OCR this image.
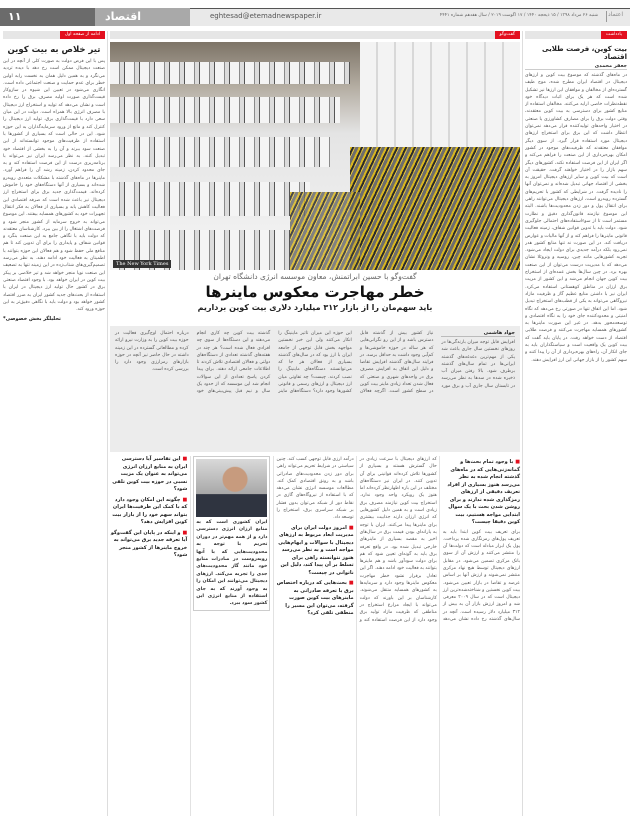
۱۱	اقتصاد	eghtesad@etemadnewspaper.ir	شنبه ۲۶ مرداد ۱۳۹۸ / ۱۵ ذیحجه ۱۴۴۰ / ۱۷ اگوست ۲۰۱۹ / سال هفدهم شماره ۴۴۴۱	اعتماد
ادامه از صفحه اول
تیر خلاص به بیت کوین
پس با این فرض دولت به صورت کلی از آنچه در این صنعت دیجیتال ممکن است رخ دهد با دیده تردید می‌نگرد و به همین دلیل همان به نخست رابه اولین خطر برای عدم حمایت و صنعت اجتماعی داده است. انگاری می‌شود در تعیین این شیوه در سازوکار قیمت‌گذاری صورت اولیه مصرف برق را رخ داده است و نشان می‌دهد که تولید و استخراج ارز دیجیتال با مصرف انرژی بالا همراه است. دولت در این میان سعی دارد با قیمت‌گذاری برق، تولید ارز دیجیتال را کنترل کند و مانع از ورود سرمایه‌گذاران به این حوزه شود. این در حالی است که بسیاری از کشورها با استفاده از ظرفیت‌های موجود توانسته‌اند از این صنعت سود ببرند و آن را به بخشی از اقتصاد خود تبدیل کنند. به نظر می‌رسد ایران نیز می‌تواند با برنامه‌ریزی درست از این فرصت استفاده کند و به جای محدود کردن، زمینه رشد آن را فراهم آورد. ماینرها در ماه‌های گذشته با مشکلات متعددی روبه‌رو شده‌اند و بسیاری از آنها دستگاه‌های خود را خاموش کرده‌اند. قیمت‌گذاری جدید برق برای استخراج ارز دیجیتال نیز باعث شده است که صرفه اقتصادی این فعالیت کاهش یابد و بسیاری از فعالان به فکر انتقال تجهیزات خود به کشورهای همسایه بیفتند. این موضوع می‌تواند به خروج سرمایه از کشور منجر شود و فرصت‌های اشتغال را از بین ببرد. کارشناسان معتقدند که دولت باید با نگاهی جامع به این صنعت بنگرد و قوانین شفاف و پایداری را برای آن تدوین کند تا هم منافع ملی حفظ شود و هم فعالان این حوزه بتوانند با اطمینان به فعالیت خود ادامه دهند. به نظر می‌رسد تصمیم‌گیری‌های شتاب‌زده در این زمینه تنها به تضعیف این صنعت نوپا منجر خواهد شد و تیر خلاصی بر پیکر بیت کوین در ایران خواهد بود. با وجود اقتصاد صنعتی برق در کشور حال تولید ارز دیجیتال در ایران با استفاده از بحث‌های جدید کشور ایران به ضرر اقتصاد کشور خواهد بود و دولت باید با نگاهی دقیق‌تر به این حوزه ورود کند.
تحلیلگر بخش خصوصی*
گفت‌وگو
The New York Times
گفت‌وگو با حسین ابراتمنش، معاون موسسه انرژی دانشگاه تهران
خطر مهاجرت معکوس ماینرها
باید سهم‌مان را از بازار ۳۱۲ میلیارد دلاری بیت کوین برداریم
جواد هاشمی
افزایش قابل توجه میزان بارندگی‌ها در روزهای نخستین سال جاری باعث شد یکی از مهم‌ترین دغدغه‌های گذشته ایرانی‌ها در تمام سال‌های گذشته برطرف شود. بالا رفتن میزان آب ذخیره شده در سدها به نظر می‌رسد در تابستان سال جاری آب و برق مورد نیاز کشور بیش از گذشته قابل دسترس باشد و از این رو نگرانی‌هایی که هر ساله در حوزه خاموشی‌ها و کم‌آبی وجود داشت به حداقل برسد. در فرایند سال‌های گذشته افزایش تقاضا و دلیل این اتفاق به افزایش مصرف برق در واحدهای شهری و صنعتی که فعال شدن تعداد زیادی ماینر بیت کوین در سطح کشور است. اگرچه فعالان این حوزه این میزان تاثیر ماینینگ را انکار می‌کنند ولی این خبر نخستین مواجهه بخش قابل توجهی از جامعه ایران با ارز بود که در سال‌های گذشته بسیاری از فعالان هر جا که می‌توانستند دستگاه‌های ماینینگ را نصب کردند. چیست؟ چه تفاوتی میان ارز دیجیتال و ارزهای رسمی و قانونی کشورها وجود دارد؟ دستگاه‌های ماینر گذشته بیت کوین چه کاری انجام می‌دهند و این دستگاه‌ها از سوی چه افرادی فعال شده است؟ هر چند در هفته‌های گذشته تعدادی از دستگاه‌های دولتی و فعالان اقتصادی تلاش کردند تا اطلاعات جامعی ارائه دهند. برای پیدا کردن پاسخ تعدادی از این سوالات انجام شد این موسسه که از حدود یک سال و نیم قبل پیش‌بینی‌های خود درباره احتمال اوج‌گیری فعالیت در حوزه بیت کوین را به وزارت نیرو ارائه کرده و مطالعاتی گسترده در این زمینه داشته در حال حاضر نیز آنچه در حوزه بازارهای رمزارزی وجود دارد را بررسی کرده است.
■ با وجود تمام بحث‌ها و گمانه‌زنی‌هایی که در ماه‌های گذشته انجام شده به نظر می‌رسد هنوز بسیاری از افراد تعریف دقیقی از ارزهای رمزگذاری شده ندارند و برای روشن شدن بحث با یک سوال ابتدایی مواجه هستیم، بیت کوین دقیقا چیست؟
برای تعریف بیت کوین ابتدا باید به تعریف پول‌های رمزنگاری شده پرداخت. پول یک ابزار مبادله است که دولت‌ها آن را منتشر می‌کنند و ارزش آن از سوی بانک مرکزی تضمین می‌شود. در مقابل ارزهای دیجیتال توسط هیچ نهاد مرکزی منتشر نمی‌شوند و ارزش آنها بر اساس عرضه و تقاضا در بازار تعیین می‌شود. بیت کوین نخستین و شناخته‌شده‌ترین ارز دیجیتال است که در سال ۲۰۰۹ معرفی شد و امروز ارزش بازار آن به بیش از ۳۱۲ میلیارد دلار رسیده است. آنچه در سال‌های گذشته رخ داده نشان می‌دهد که ارزهای دیجیتال با سرعت زیادی در حال گسترش هستند و بسیاری از کشورها تلاش کرده‌اند قوانینی برای آن تدوین کنند. در ایران نیز دستگاه‌های مختلف در این باره اظهارنظر کرده‌اند اما هنوز یک رویکرد واحد وجود ندارد. استخراج بیت کوین نیازمند مصرف برق زیادی است و به همین دلیل کشورهایی که انرژی ارزان دارند جذابیت بیشتری برای ماینرها پیدا می‌کنند. ایران با توجه به یارانه‌ای بودن قیمت برق در سال‌های اخیر به مقصد بسیاری از ماینرهای خارجی تبدیل شده بود. در واقع تعرفه برق باید به گونه‌ای تعیین شود که هم برای دولت سودآور باشد و هم ماینرها بتوانند به فعالیت خود ادامه دهند. اگر این تعادل برقرار نشود خطر مهاجرت معکوس ماینرها وجود دارد و سرمایه‌ها به کشورهای همسایه منتقل می‌شوند. کارشناسان بر این باورند که دولت می‌تواند با ایجاد مزارع استخراج در مناطقی که ظرفیت مازاد تولید برق وجود دارد از این فرصت استفاده کند و درآمد ارزی قابل توجهی کسب کند. چنین سیاستی در شرایط تحریم می‌تواند راهی برای دور زدن محدودیت‌های صادراتی باشد و به رونق اقتصادی کمک کند. مطالعات موسسه انرژی نشان می‌دهد که با استفاده از نیروگاه‌های گازی در نقاط دور از شبکه می‌توان بدون فشار بر شبکه سراسری برق، استخراج را توسعه داد.
■ امروز دولت ایران برای مدیریت ابعاد مربوط به ارزهای دیجیتال با سوالات و ابهام‌هایی مواجه است و به نظر می‌رسد هنوز نتوانسته راهی برای تسلط بر آن پیدا کند، دلیل این ناتوانی در چیست؟
■ بحث‌هایی که درباره اختصاص برق با تعرفه صادراتی به ماینرهای بیت کوین صورت گرفته، می‌توان این مسیر را منطقی تلقی کرد؟
ایران کشوری است که به منابع ارزان انرژی دسترسی دارد و از همه مهم‌تر در دوران تحریم با توجه به محدودیت‌هایی که با آنها روبه‌روست در صادرات منابع خود مانند گاز محدودیت‌های جدی را تجربه می‌کند. ارزهای دیجیتال می‌توانند این امکان را به وجود آورند که به جای استفاده از منابع انرژی این کشور سود ببرد.
■ این تفاسیر آیا دسترسی ایران به منابع ارزان انرژی می‌تواند به عنوان یک مزیت نسبی در حوزه بیت کوین تلقی شود؟
■ چگونه این امکان وجود دارد که با کمک این ظرفیت‌ها ایران بتواند سهم خود را از بازار بیت کوین افزایش دهد؟
■ و اینکه در پایان این گفت‌وگو آیا تعرفه جدید برق می‌تواند به خروج ماینرها از کشور منجر شود؟
یادداشت
بیت کوین، فرصت طلایی اقتصاد
جعفر محمدی
در ماه‌های گذشته که موضوع بیت کوین و ارزهای دیجیتال در اقتصاد ایران مطرح شده، موج طیف گسترده‌ای از مخالفان و موافقان این ارزها نیز تشکیل شده است که هر یک برای اثبات دیدگاه خود نقطه‌نظرات خاصی ارایه می‌کنند. مخالفان استفاده از منابع کشور برای دسترسی به بیت کوین معتقدند، وقتی دولت برق را برای مصارف کشاورزی یا صنعتی در اختیار واحدهای تولیدکننده قرار می‌دهد نمی‌توان انتظار داشت که این برق برای استخراج ارزهای دیجیتال مورد استفاده قرار گیرد. از سوی دیگر موافقان معتقدند که ظرفیت‌های موجود در کشور امکان بهره‌برداری از این صنعت را فراهم می‌کند و اگر ایران از این فرصت استفاده نکند، کشورهای دیگر سهم بازار را در اختیار خواهند گرفت. حقیقت آن است که بیت کوین و سایر ارزهای دیجیتال امروز به بخشی از اقتصاد جهانی تبدیل شده‌اند و نمی‌توان آنها را نادیده گرفت. در شرایطی که کشور با تحریم‌های گسترده روبه‌رو است، ارزهای دیجیتال می‌توانند راهی برای انتقال پول و دور زدن محدودیت‌ها باشند. البته این موضوع نیازمند قانون‌گذاری دقیق و نظارت مستمر است تا از سوءاستفاده‌های احتمالی جلوگیری شود. دولت باید با تدوین قوانین شفاف، زمینه فعالیت قانونی ماینرها را فراهم کند و از آنها مالیات و عوارض دریافت کند. در این صورت نه تنها منابع کشور هدر نمی‌رود بلکه درآمد جدیدی برای دولت ایجاد می‌شود. تجربه کشورهایی مانند چین، روسیه و ونزوئلا نشان می‌دهد که با مدیریت درست می‌توان از این صنعت بهره برد. در چین سال‌ها بخش عمده‌ای از استخراج بیت کوین جهان انجام می‌شد و این کشور از مزیت برق ارزان در مناطق کوهستانی استفاده می‌کرد. ایران نیز با داشتن منابع عظیم گاز و ظرفیت مازاد نیروگاهی می‌تواند به یکی از قطب‌های استخراج تبدیل شود. اما این اتفاق تنها در صورتی رخ می‌دهد که نگاه امنیتی و محدودکننده جای خود را به نگاه اقتصادی و توسعه‌محور بدهد. در غیر این صورت ماینرها به کشورهای همسایه مهاجرت می‌کنند و فرصت طلایی اقتصاد از دست خواهد رفت. در پایان باید گفت که بیت کوین یک واقعیت است و سیاستگذاران باید به جای انکار آن، راه‌های بهره‌برداری از آن را پیدا کنند و سهم کشور را از بازار جهانی این ارز افزایش دهند.
